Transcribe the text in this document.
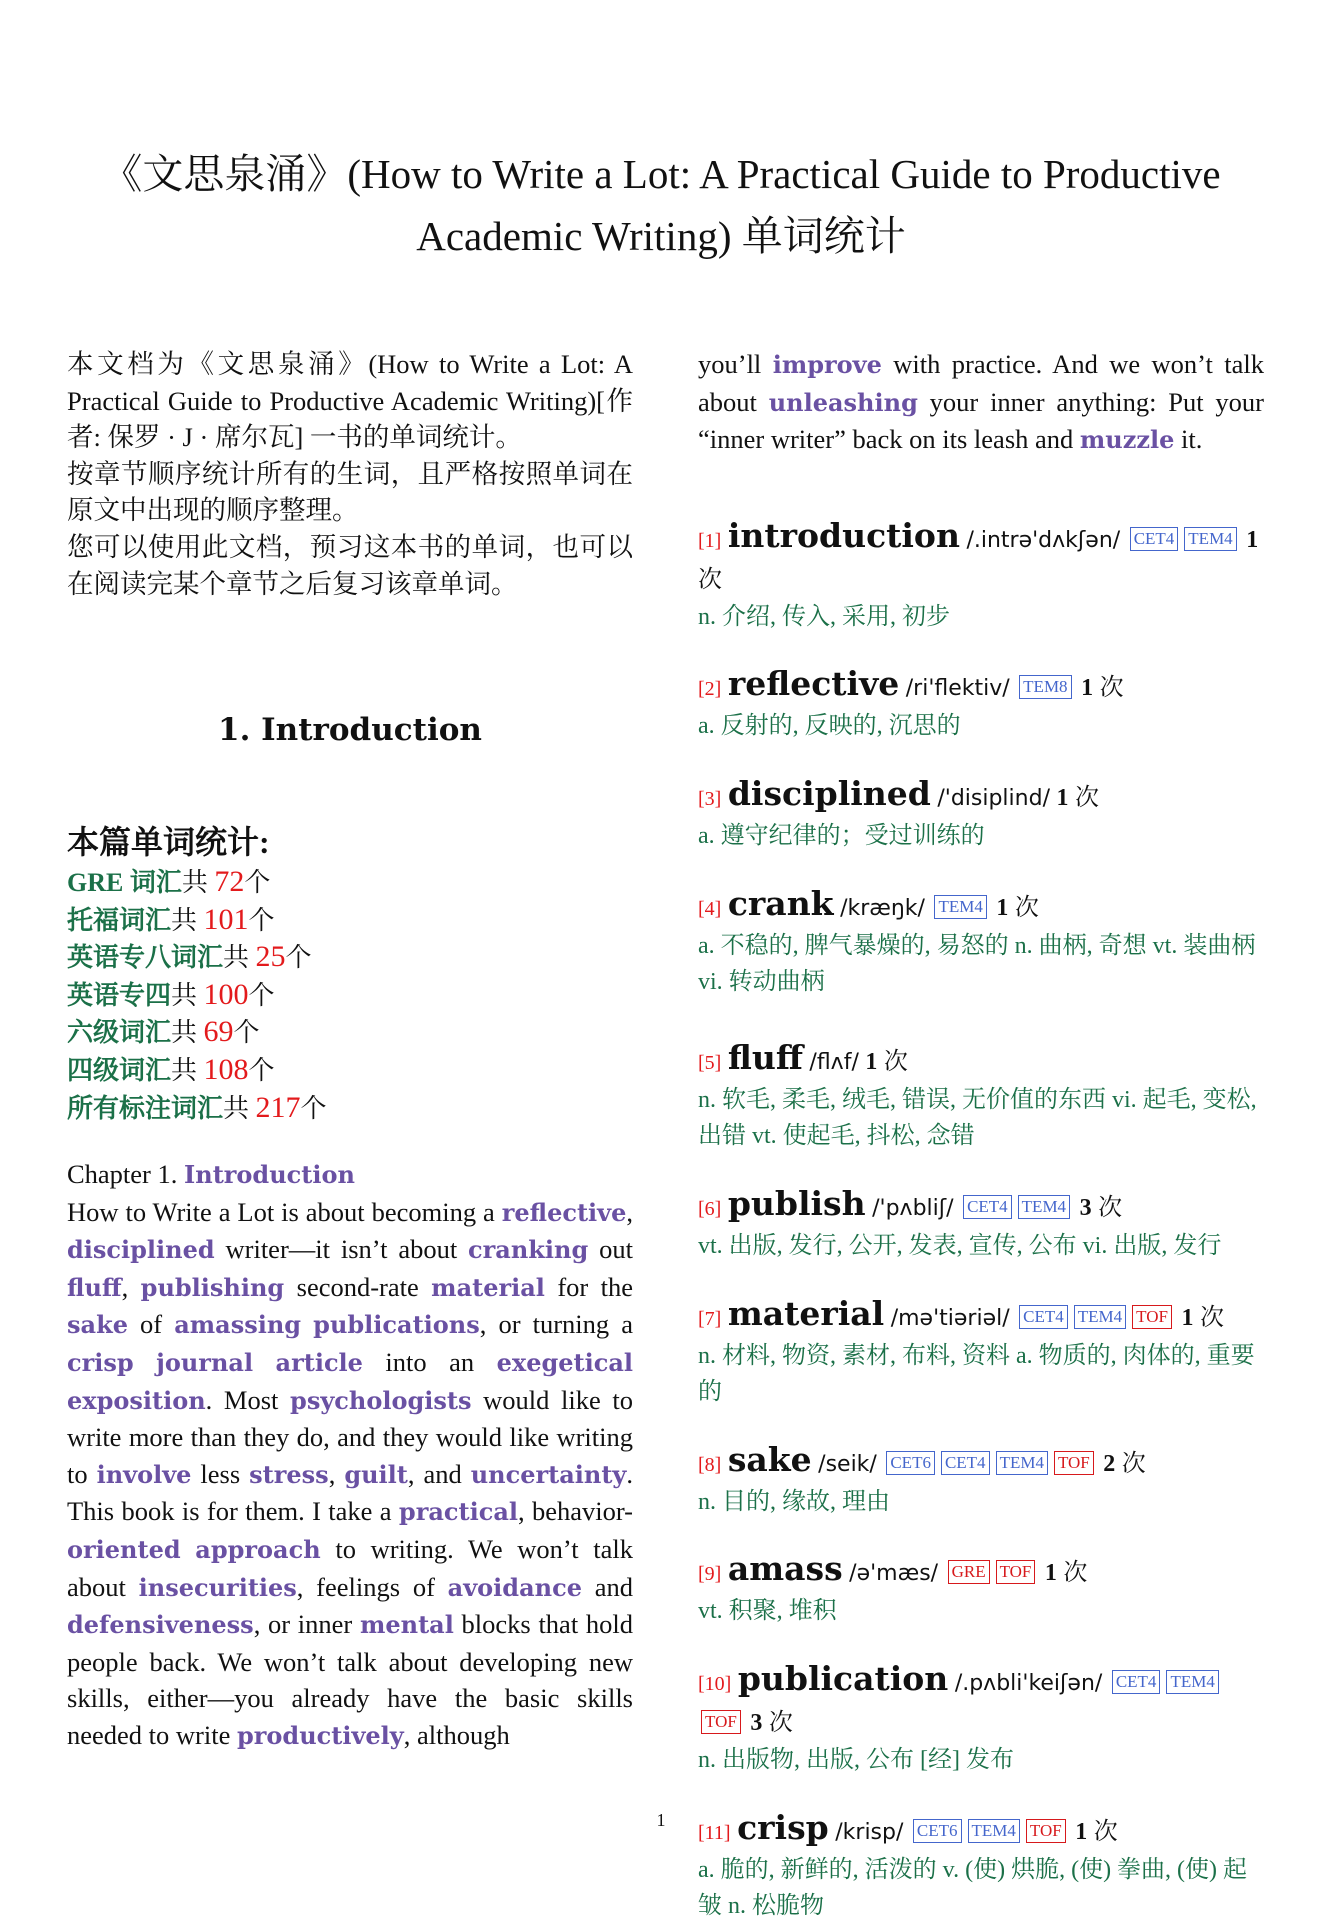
《文思泉涌》(How to Write a Lot: A Practical Guide to Productive
Academic Writing) 单词统计
本文档为《文思泉涌》(How to Write a Lot: A Practical Guide to Productive Academic Writing)[作者: 保罗 · J · 席尔瓦] 一书的单词统计。
按章节顺序统计所有的生词，且严格按照单词在原文中出现的顺序整理。
您可以使用此文档，预习这本书的单词，也可以在阅读完某个章节之后复习该章单词。
1. Introduction
本篇单词统计:
GRE 词汇共 72个
托福词汇共 101个
英语专八词汇共 25个
英语专四共 100个
六级词汇共 69个
四级词汇共 108个
所有标注词汇共 217个
Chapter 1. Introduction
How to Write a Lot is about becoming a reflective, disciplined writer—it isn’t about cranking out fluff, publishing second-rate material for the sake of amassing publications, or turning a crisp journal article into an exegetical exposition. Most psychologists would like to write more than they do, and they would like writing to involve less stress, guilt, and uncertainty. This book is for them. I take a practical, behavior-oriented approach to writing. We won’t talk about insecurities, feelings of avoidance and defensiveness, or inner mental blocks that hold people back. We won’t talk about developing new skills, either—you already have the basic skills needed to write productively, although
you’ll improve with practice. And we won’t talk about unleashing your inner anything: Put your “inner writer” back on its leash and muzzle it.
[1] introduction /.intrə'dʌkʃən/ CET4 TEM4 1 次
n. 介绍, 传入, 采用, 初步
[2] reflective /ri'flektiv/ TEM8 1 次
a. 反射的, 反映的, 沉思的
[3] disciplined /'disiplind/ 1 次
a. 遵守纪律的；受过训练的
[4] crank /kræŋk/ TEM4 1 次
a. 不稳的, 脾气暴燥的, 易怒的 n. 曲柄, 奇想 vt. 装曲柄 vi. 转动曲柄
[5] fluff /flʌf/ 1 次
n. 软毛, 柔毛, 绒毛, 错误, 无价值的东西 vi. 起毛, 变松, 出错 vt. 使起毛, 抖松, 念错
[6] publish /'pʌbliʃ/ CET4 TEM4 3 次
vt. 出版, 发行, 公开, 发表, 宣传, 公布 vi. 出版, 发行
[7] material /mə'tiəriəl/ CET4 TEM4 TOF 1 次
n. 材料, 物资, 素材, 布料, 资料 a. 物质的, 肉体的, 重要的
[8] sake /seik/ CET6 CET4 TEM4 TOF 2 次
n. 目的, 缘故, 理由
[9] amass /ə'mæs/ GRE TOF 1 次
vt. 积聚, 堆积
[10] publication /.pʌbli'keiʃən/ CET4 TEM4TOF 3 次
n. 出版物, 出版, 公布 [经] 发布
[11] crisp /krisp/ CET6 TEM4 TOF 1 次
a. 脆的, 新鲜的, 活泼的 v. (使) 烘脆, (使) 拳曲, (使) 起皱 n. 松脆物
1
